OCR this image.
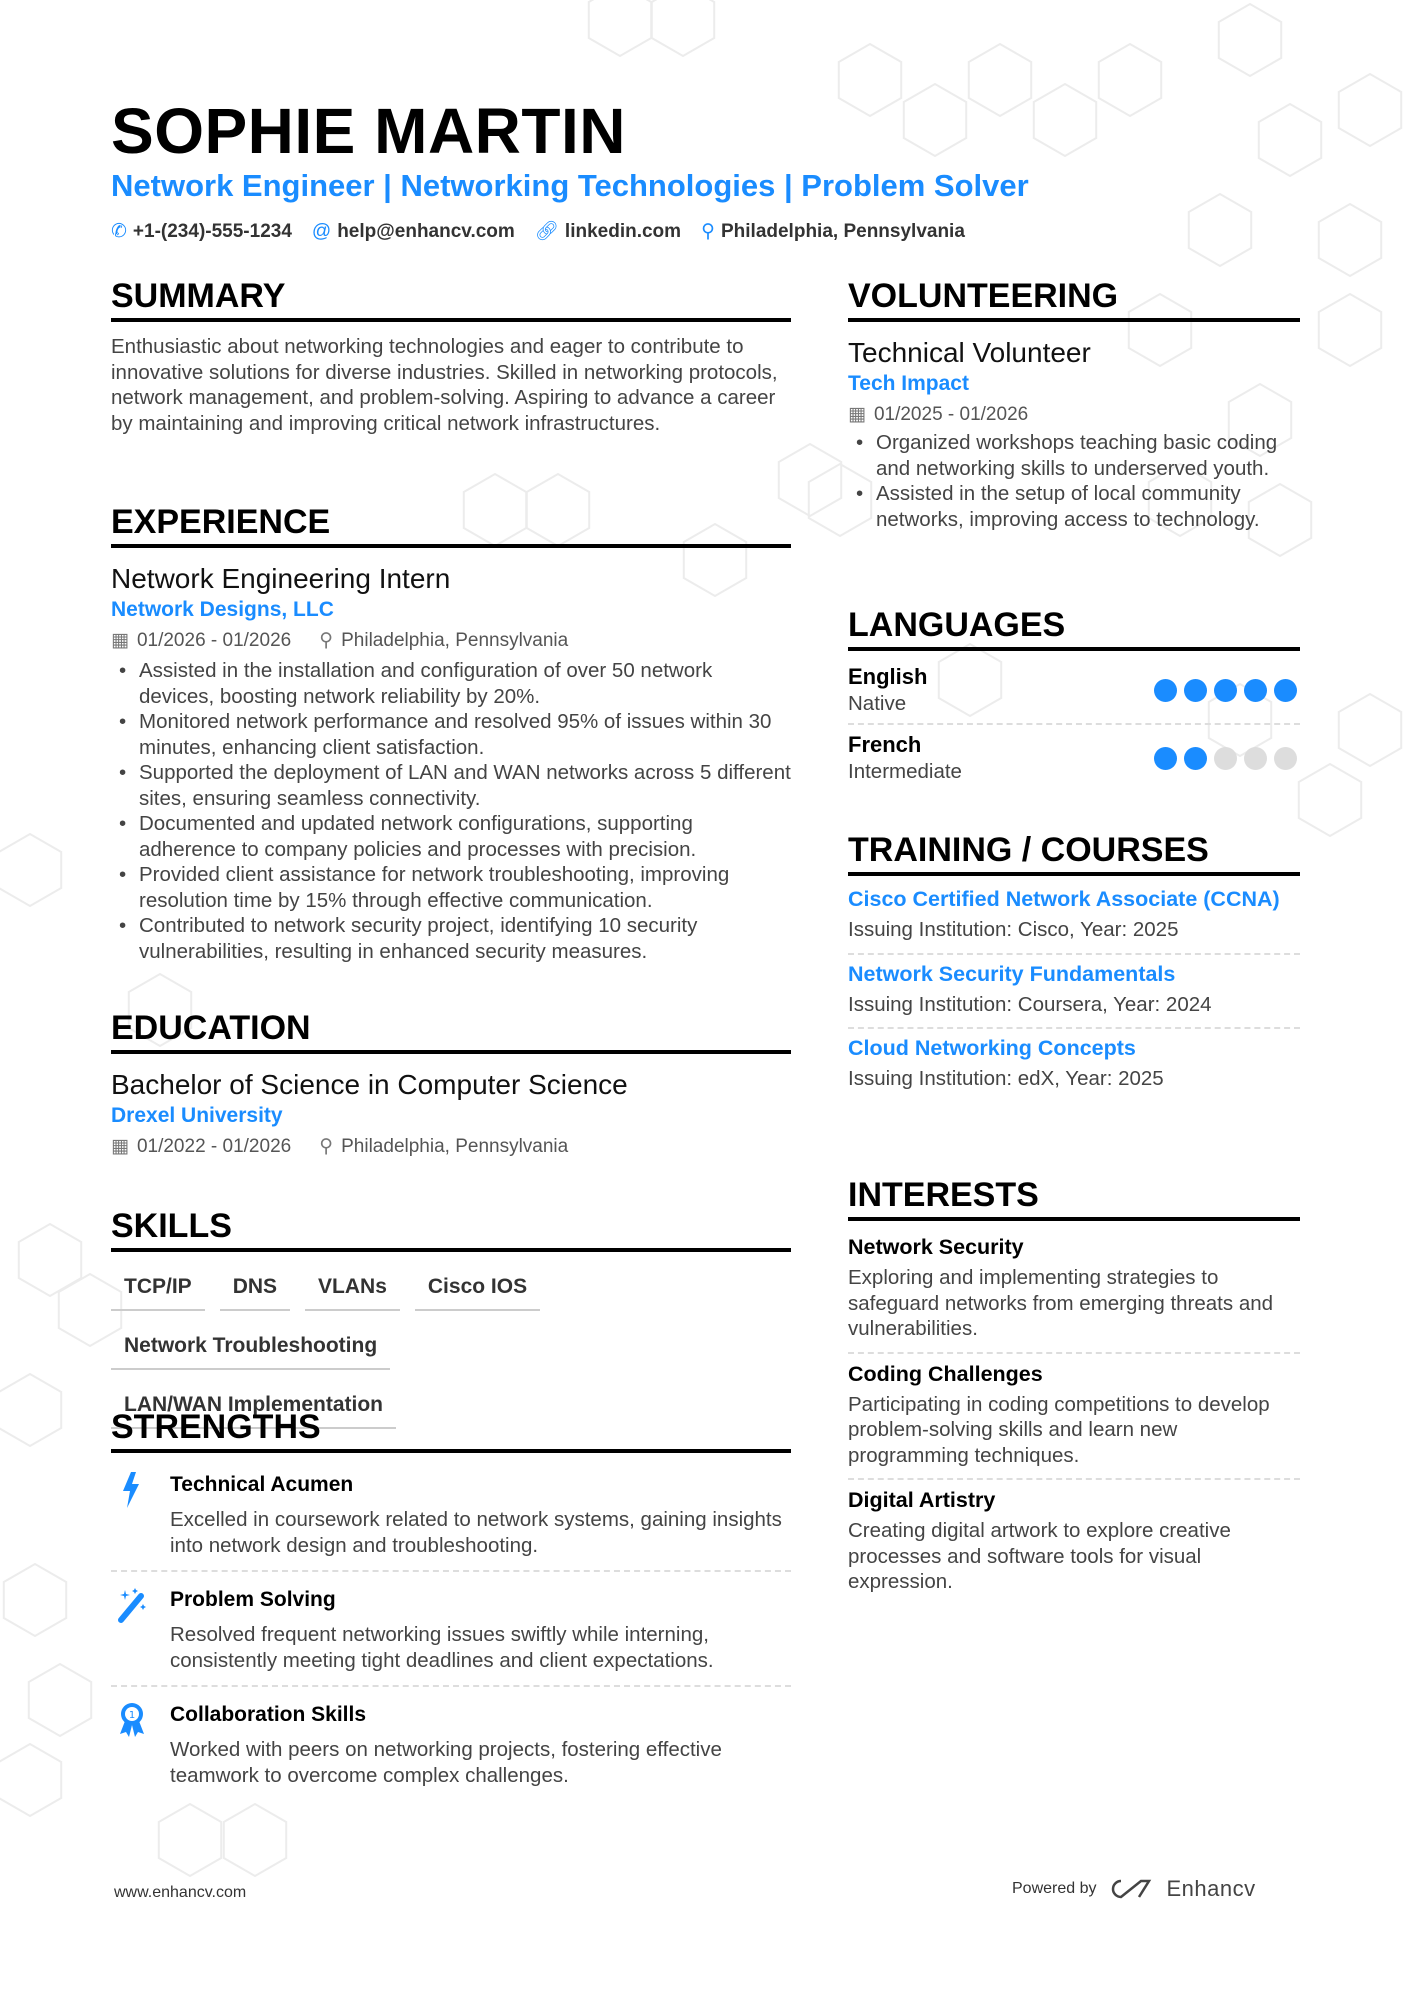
SOPHIE MARTIN
Network Engineer | Networking Technologies | Problem Solver
✆ +1-(234)-555-1234 @ help@enhancv.com 🔗︎ linkedin.com ⚲ Philadelphia, Pennsylvania
SUMMARY

Enthusiastic about networking technologies and eager to contribute to innovative solutions for diverse industries. Skilled in networking protocols, network management, and problem-solving. Aspiring to advance a career by maintaining and improving critical network infrastructures.

EXPERIENCE
Network Engineering Intern
Network Designs, LLC
▦ 01/2026 - 01/2026 ⚲ Philadelphia, Pennsylvania
• Assisted in the installation and configuration of over 50 network devices, boosting network reliability by 20%.
• Monitored network performance and resolved 95% of issues within 30 minutes, enhancing client satisfaction.
• Supported the deployment of LAN and WAN networks across 5 different sites, ensuring seamless connectivity.
• Documented and updated network configurations, supporting adherence to company policies and processes with precision.
• Provided client assistance for network troubleshooting, improving resolution time by 15% through effective communication.
• Contributed to network security project, identifying 10 security vulnerabilities, resulting in enhanced security measures.
EDUCATION
Bachelor of Science in Computer Science
Drexel University
▦ 01/2022 - 01/2026 ⚲ Philadelphia, Pennsylvania
SKILLS
TCP/IP	DNS	VLANs	Cisco IOS
Network Troubleshooting
LAN/WAN Implementation
STRENGTHS
Technical Acumen
Excelled in coursework related to network systems, gaining insights into network design and troubleshooting.
Problem Solving
Resolved frequent networking issues swiftly while interning, consistently meeting tight deadlines and client expectations.
1 Collaboration Skills
Worked with peers on networking projects, fostering effective teamwork to overcome complex challenges.
VOLUNTEERING
Technical Volunteer
Tech Impact
▦ 01/2025 - 01/2026
• Organized workshops teaching basic coding and networking skills to underserved youth.
• Assisted in the setup of local community networks, improving access to technology.
LANGUAGES
English
Native
French
Intermediate
TRAINING / COURSES
Cisco Certified Network Associate (CCNA)
Issuing Institution: Cisco, Year: 2025
Network Security Fundamentals
Issuing Institution: Coursera, Year: 2024
Cloud Networking Concepts
Issuing Institution: edX, Year: 2025
INTERESTS
Network Security
Exploring and implementing strategies to safeguard networks from emerging threats and vulnerabilities.
Coding Challenges
Participating in coding competitions to develop problem-solving skills and learn new programming techniques.
Digital Artistry
Creating digital artwork to explore creative processes and software tools for visual expression.
www.enhancv.com	Powered by	Enhancv
